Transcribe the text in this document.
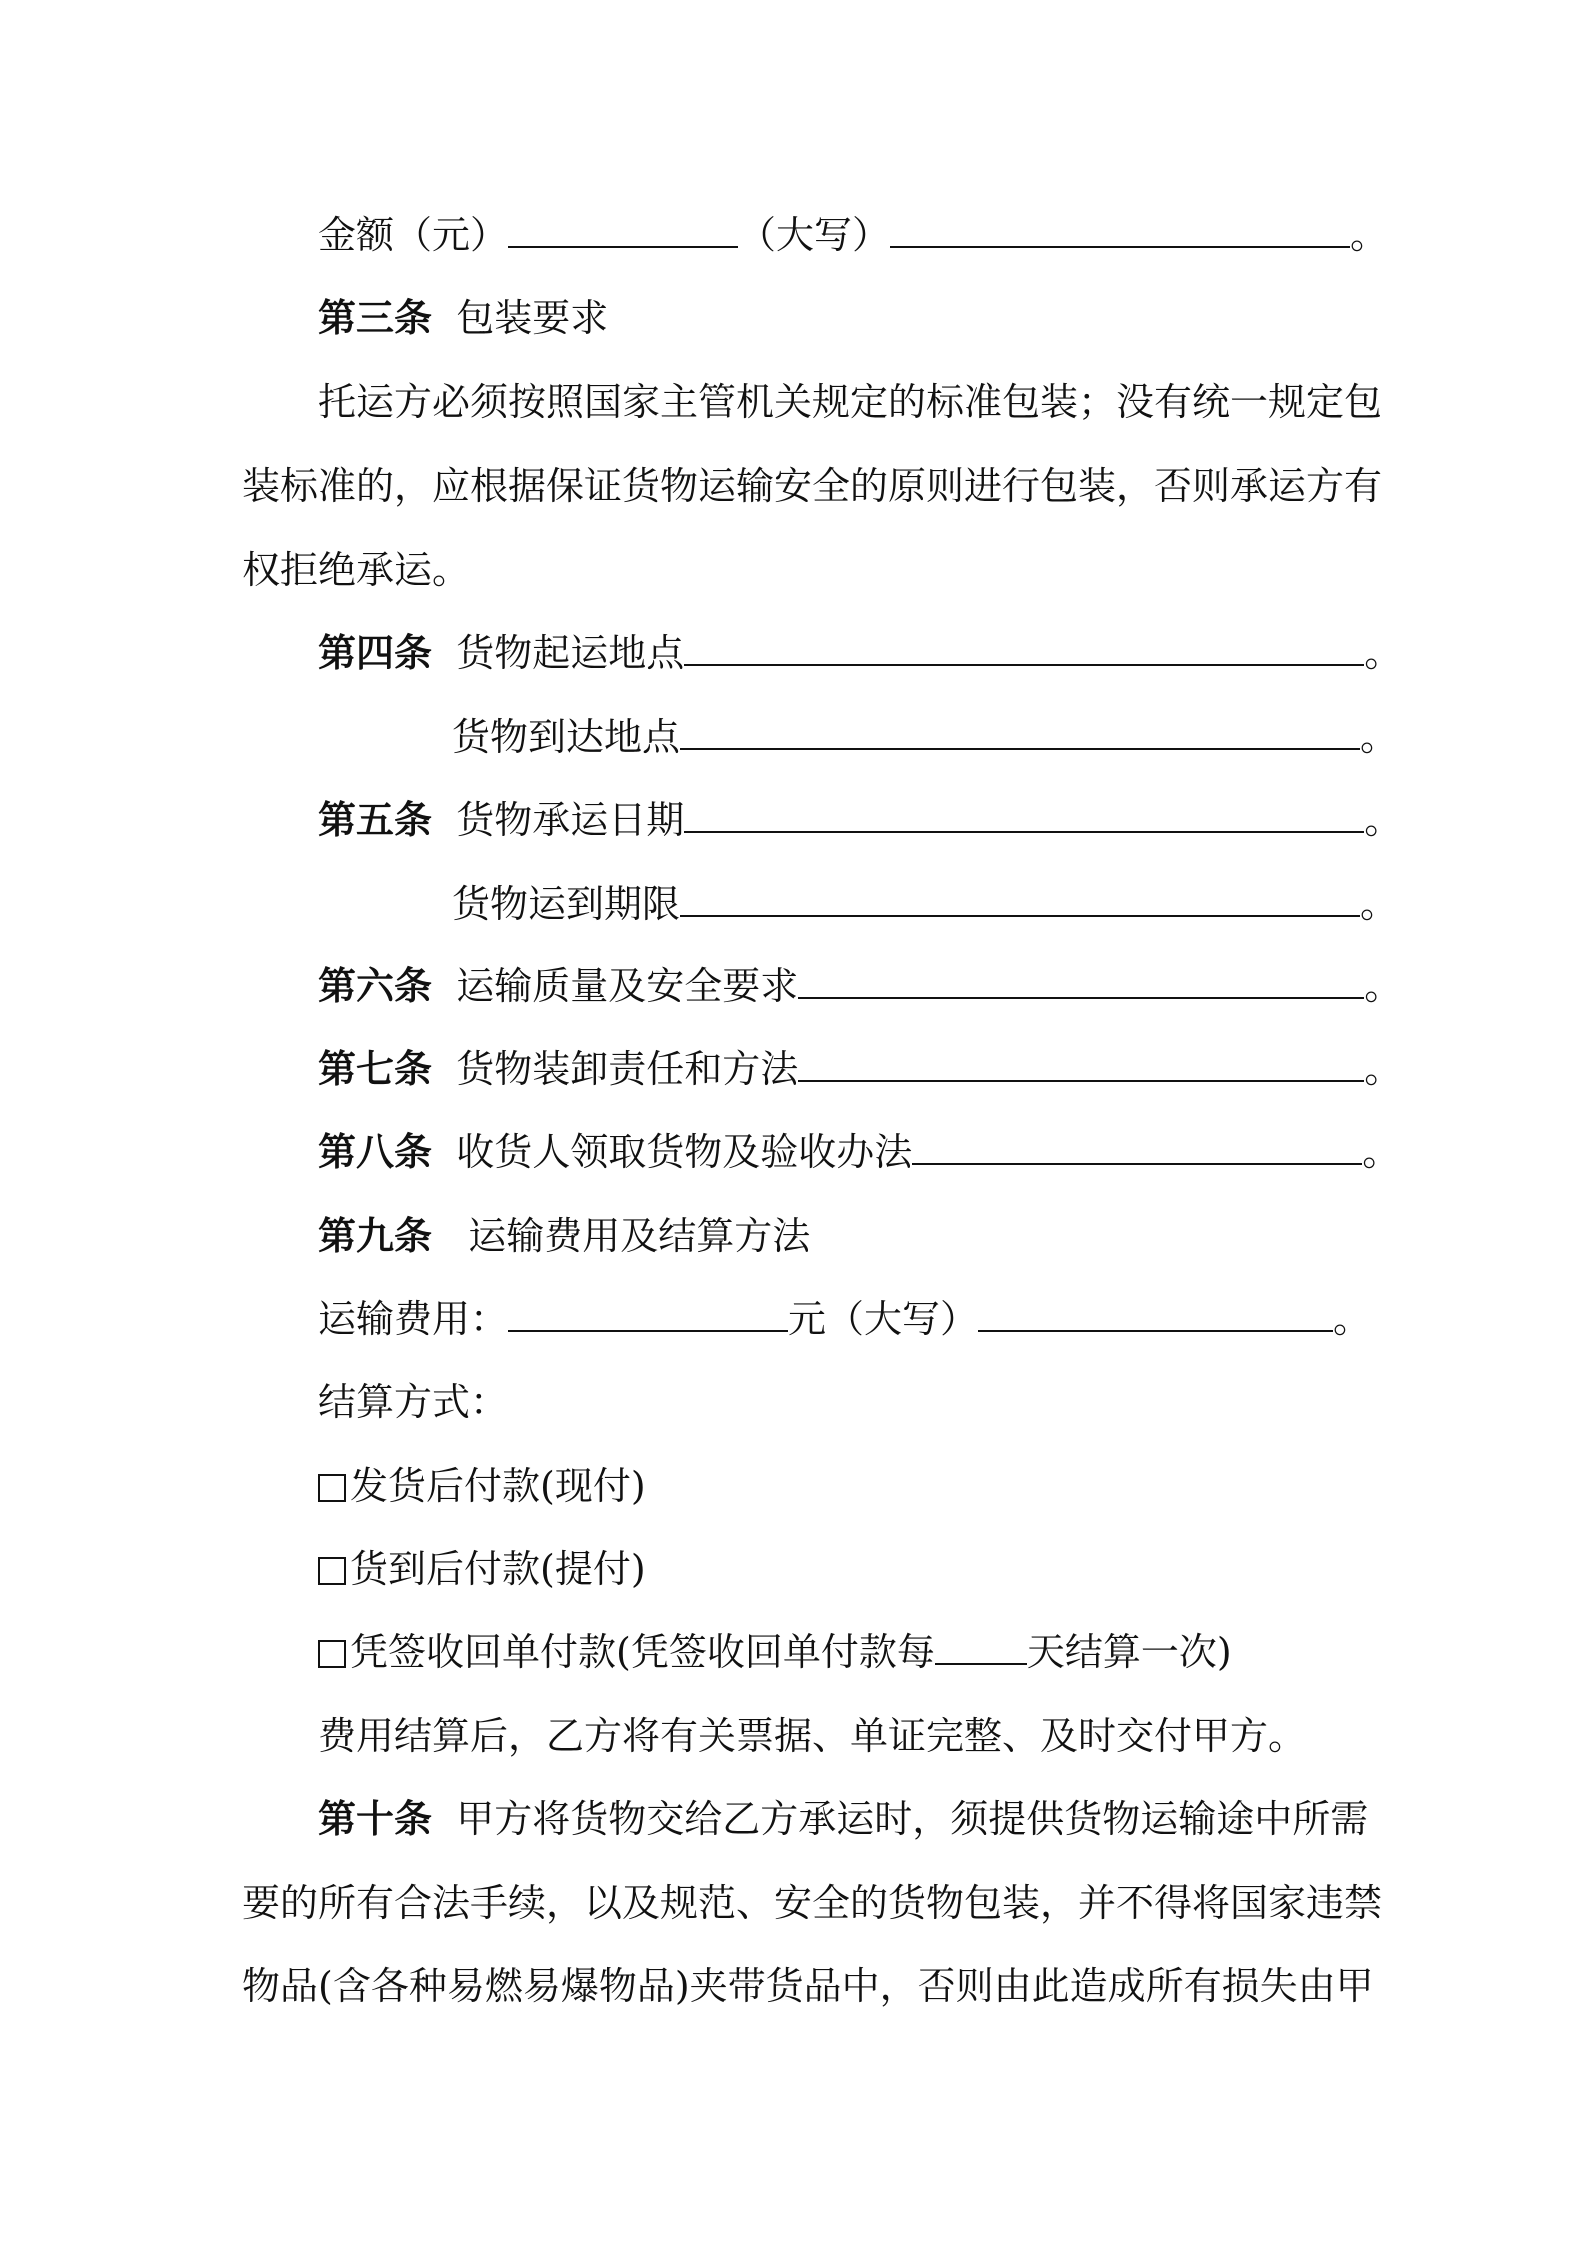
金额（元）	（大写）	。
第三条 包装要求
托运方必须按照国家主管机关规定的标准包装；没有统一规定包
装标准的，应根据保证货物运输安全的原则进行包装，否则承运方有
权拒绝承运。
第四条 货物起运地点	。
货物到达地点	。
第五条 货物承运日期	。
货物运到期限	。
第六条 运输质量及安全要求	。
第七条 货物装卸责任和方法	。
第八条 收货人领取货物及验收办法	。
第九条 运输费用及结算方法
运输费用：	元（大写）	。
结算方式：
发货后付款(现付)
货到后付款(提付)
凭签收回单付款(凭签收回单付款每 天结算一次)
费用结算后，乙方将有关票据、单证完整、及时交付甲方。
第十条 甲方将货物交给乙方承运时，须提供货物运输途中所需
要的所有合法手续，以及规范、安全的货物包装，并不得将国家违禁
物品(含各种易燃易爆物品)夹带货品中，否则由此造成所有损失由甲
